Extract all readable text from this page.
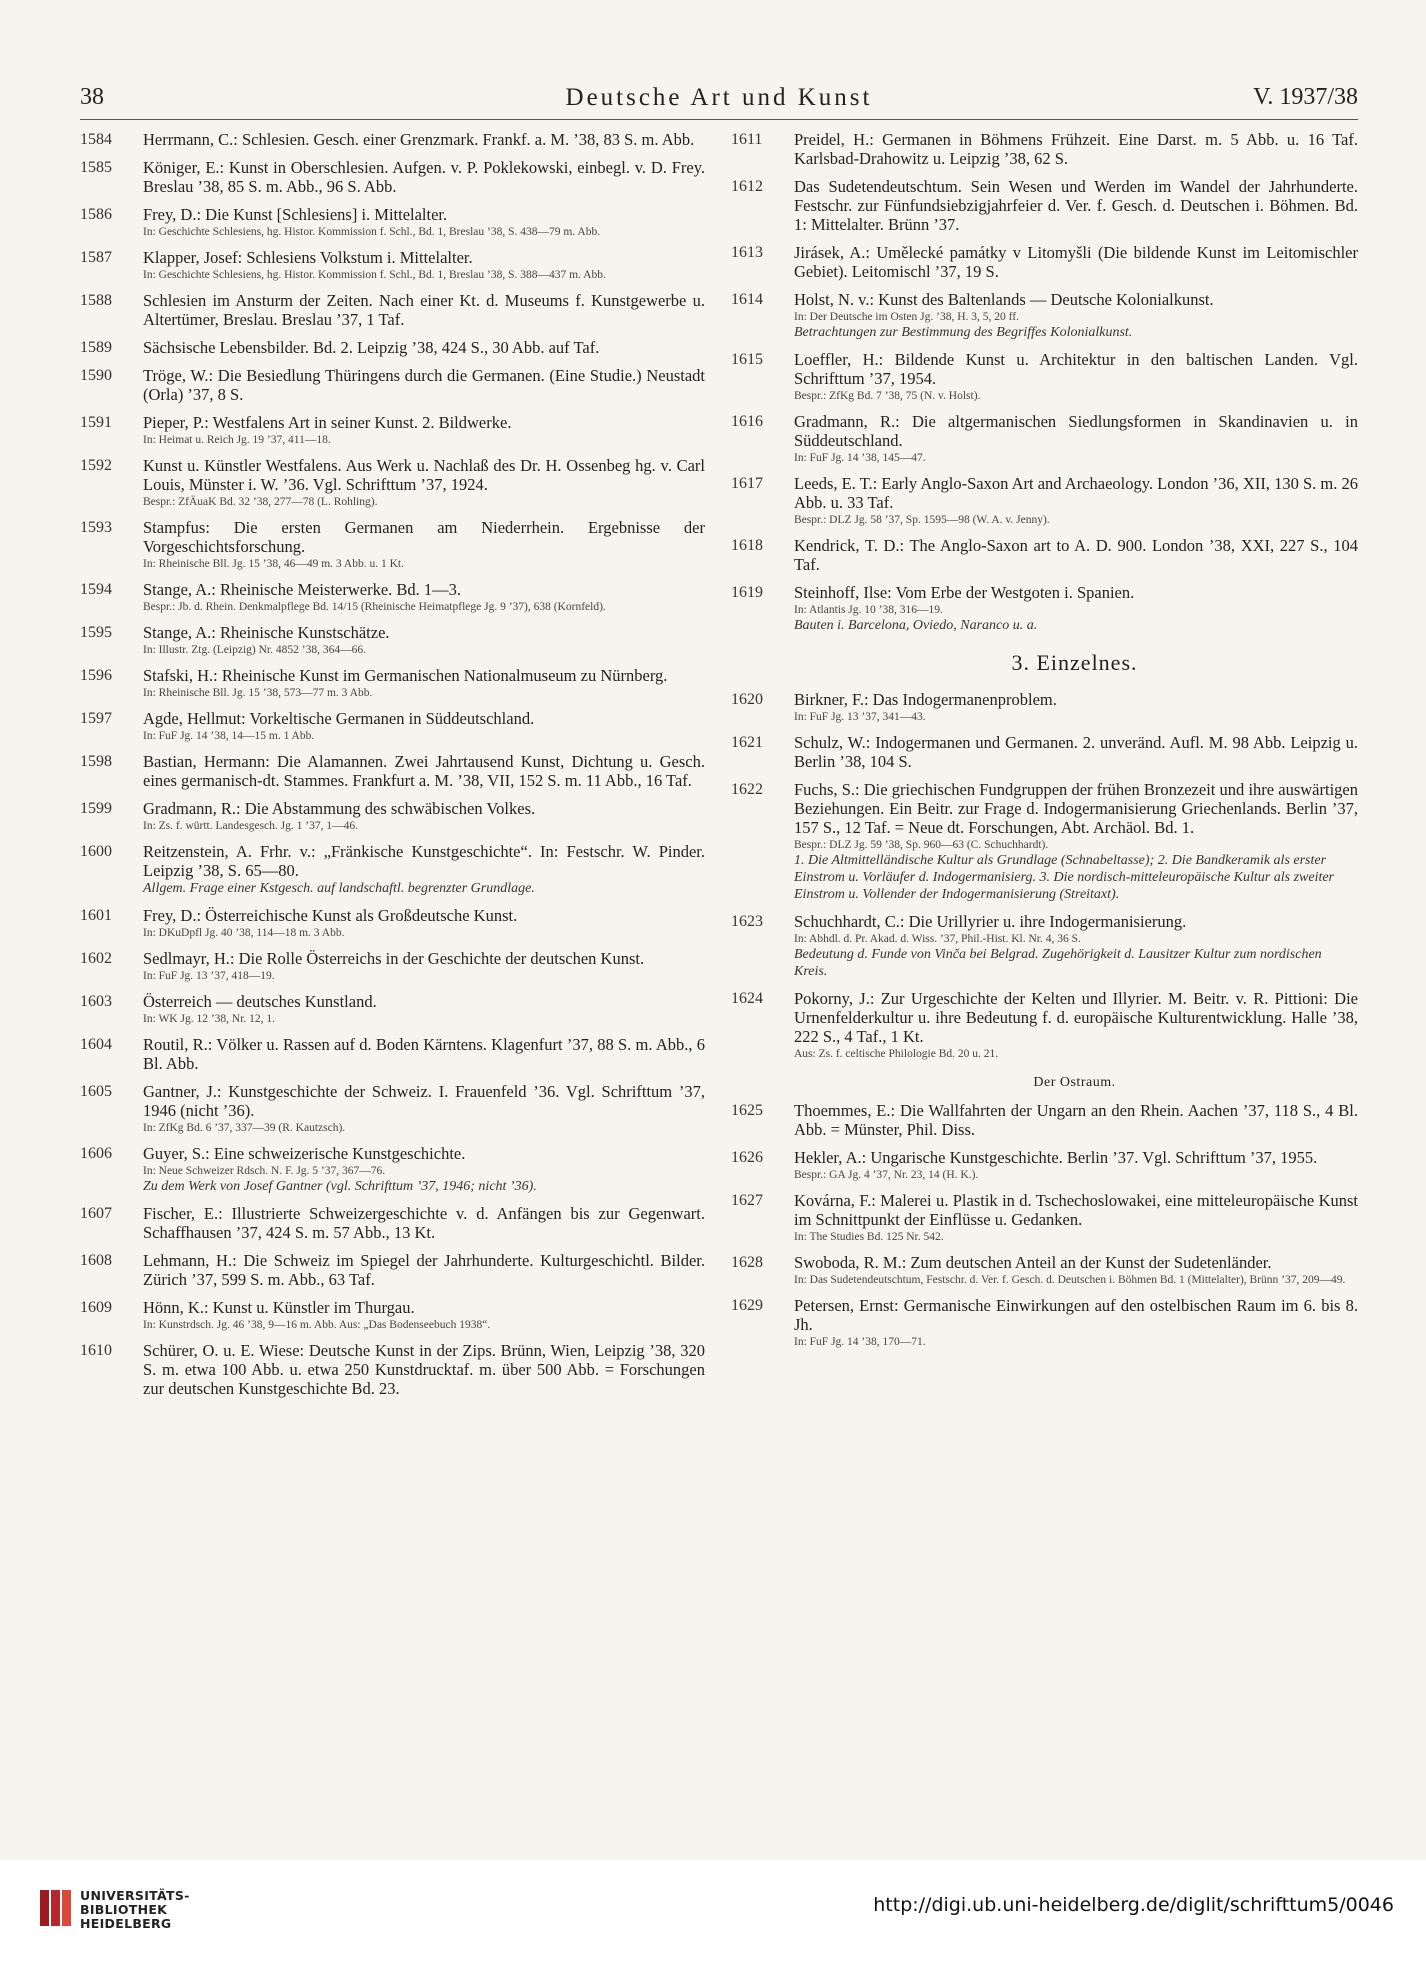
38	Deutsche Art und Kunst	V. 1937/38
1584 Herrmann, C.: Schlesien. Gesch. einer Grenzmark. Frankf. a. M. ’38, 83 S. m. Abb.
1585 Königer, E.: Kunst in Oberschlesien. Aufgen. v. P. Poklekowski, einbegl. v. D. Frey. Breslau ’38, 85 S. m. Abb., 96 S. Abb.
1586 Frey, D.: Die Kunst [Schlesiens] i. Mittelalter.
In: Geschichte Schlesiens, hg. Histor. Kommission f. Schl., Bd. 1, Breslau ’38, S. 438—79 m. Abb.
1587 Klapper, Josef: Schlesiens Volkstum i. Mittelalter.
In: Geschichte Schlesiens, hg. Histor. Kommission f. Schl., Bd. 1, Breslau ’38, S. 388—437 m. Abb.
1588 Schlesien im Ansturm der Zeiten. Nach einer Kt. d. Museums f. Kunstgewerbe u. Altertümer, Breslau. Breslau ’37, 1 Taf.
1589 Sächsische Lebensbilder. Bd. 2. Leipzig ’38, 424 S., 30 Abb. auf Taf.
1590 Tröge, W.: Die Besiedlung Thüringens durch die Germanen. (Eine Studie.) Neustadt (Orla) ’37, 8 S.
1591 Pieper, P.: Westfalens Art in seiner Kunst. 2. Bildwerke.
In: Heimat u. Reich Jg. 19 ’37, 411—18.
1592 Kunst u. Künstler Westfalens. Aus Werk u. Nachlaß des Dr. H. Ossenbeg hg. v. Carl Louis, Münster i. W. ’36. Vgl. Schrifttum ’37, 1924.
Bespr.: ZfÄuaK Bd. 32 ’38, 277—78 (L. Rohling).
1593 Stampfus: Die ersten Germanen am Niederrhein. Ergebnisse der Vorgeschichtsforschung.
In: Rheinische Bll. Jg. 15 ’38, 46—49 m. 3 Abb. u. 1 Kt.
1594 Stange, A.: Rheinische Meisterwerke. Bd. 1—3.
Bespr.: Jb. d. Rhein. Denkmalpflege Bd. 14/15 (Rheinische Heimatpflege Jg. 9 ’37), 638 (Kornfeld).
1595 Stange, A.: Rheinische Kunstschätze.
In: Illustr. Ztg. (Leipzig) Nr. 4852 ’38, 364—66.
1596 Stafski, H.: Rheinische Kunst im Germanischen Nationalmuseum zu Nürnberg.
In: Rheinische Bll. Jg. 15 ’38, 573—77 m. 3 Abb.
1597 Agde, Hellmut: Vorkeltische Germanen in Süddeutschland.
In: FuF Jg. 14 ’38, 14—15 m. 1 Abb.
1598 Bastian, Hermann: Die Alamannen. Zwei Jahrtausend Kunst, Dichtung u. Gesch. eines germanisch-dt. Stammes. Frankfurt a. M. ’38, VII, 152 S. m. 11 Abb., 16 Taf.
1599 Gradmann, R.: Die Abstammung des schwäbischen Volkes.
In: Zs. f. württ. Landesgesch. Jg. 1 ’37, 1—46.
1600 Reitzenstein, A. Frhr. v.: „Fränkische Kunstgeschichte“. In: Festschr. W. Pinder. Leipzig ’38, S. 65—80.
Allgem. Frage einer Kstgesch. auf landschaftl. begrenzter Grundlage.
1601 Frey, D.: Österreichische Kunst als Großdeutsche Kunst.
In: DKuDpfl Jg. 40 ’38, 114—18 m. 3 Abb.
1602 Sedlmayr, H.: Die Rolle Österreichs in der Geschichte der deutschen Kunst.
In: FuF Jg. 13 ’37, 418—19.
1603 Österreich — deutsches Kunstland.
In: WK Jg. 12 ’38, Nr. 12, 1.
1604 Routil, R.: Völker u. Rassen auf d. Boden Kärntens. Klagenfurt ’37, 88 S. m. Abb., 6 Bl. Abb.
1605 Gantner, J.: Kunstgeschichte der Schweiz. I. Frauenfeld ’36. Vgl. Schrifttum ’37, 1946 (nicht ’36).
In: ZfKg Bd. 6 ’37, 337—39 (R. Kautzsch).
1606 Guyer, S.: Eine schweizerische Kunstgeschichte.
In: Neue Schweizer Rdsch. N. F. Jg. 5 ’37, 367—76.
Zu dem Werk von Josef Gantner (vgl. Schrifttum ’37, 1946; nicht ’36).
1607 Fischer, E.: Illustrierte Schweizergeschichte v. d. Anfängen bis zur Gegenwart. Schaffhausen ’37, 424 S. m. 57 Abb., 13 Kt.
1608 Lehmann, H.: Die Schweiz im Spiegel der Jahrhunderte. Kulturgeschichtl. Bilder. Zürich ’37, 599 S. m. Abb., 63 Taf.
1609 Hönn, K.: Kunst u. Künstler im Thurgau.
In: Kunstrdsch. Jg. 46 ’38, 9—16 m. Abb. Aus: „Das Bodenseebuch 1938“.
1610 Schürer, O. u. E. Wiese: Deutsche Kunst in der Zips. Brünn, Wien, Leipzig ’38, 320 S. m. etwa 100 Abb. u. etwa 250 Kunstdrucktaf. m. über 500 Abb. = Forschungen zur deutschen Kunstgeschichte Bd. 23.
1611 Preidel, H.: Germanen in Böhmens Frühzeit. Eine Darst. m. 5 Abb. u. 16 Taf. Karlsbad-Drahowitz u. Leipzig ’38, 62 S.
1612 Das Sudetendeutschtum. Sein Wesen und Werden im Wandel der Jahrhunderte. Festschr. zur Fünfundsiebzigjahrfeier d. Ver. f. Gesch. d. Deutschen i. Böhmen. Bd. 1: Mittelalter. Brünn ’37.
1613 Jirásek, A.: Umělecké památky v Litomyšli (Die bildende Kunst im Leitomischler Gebiet). Leitomischl ’37, 19 S.
1614 Holst, N. v.: Kunst des Baltenlands — Deutsche Kolonialkunst.
In: Der Deutsche im Osten Jg. ’38, H. 3, 5, 20 ff.
Betrachtungen zur Bestimmung des Begriffes Kolonialkunst.
1615 Loeffler, H.: Bildende Kunst u. Architektur in den baltischen Landen. Vgl. Schrifttum ’37, 1954.
Bespr.: ZfKg Bd. 7 ’38, 75 (N. v. Holst).
1616 Gradmann, R.: Die altgermanischen Siedlungsformen in Skandinavien u. in Süddeutschland.
In: FuF Jg. 14 ’38, 145—47.
1617 Leeds, E. T.: Early Anglo-Saxon Art and Archaeology. London ’36, XII, 130 S. m. 26 Abb. u. 33 Taf.
Bespr.: DLZ Jg. 58 ’37, Sp. 1595—98 (W. A. v. Jenny).
1618 Kendrick, T. D.: The Anglo-Saxon art to A. D. 900. London ’38, XXI, 227 S., 104 Taf.
1619 Steinhoff, Ilse: Vom Erbe der Westgoten i. Spanien.
In: Atlantis Jg. 10 ’38, 316—19.
Bauten i. Barcelona, Oviedo, Naranco u. a.
3. Einzelnes.
1620 Birkner, F.: Das Indogermanenproblem.
In: FuF Jg. 13 ’37, 341—43.
1621 Schulz, W.: Indogermanen und Germanen. 2. unveränd. Aufl. M. 98 Abb. Leipzig u. Berlin ’38, 104 S.
1622 Fuchs, S.: Die griechischen Fundgruppen der frühen Bronzezeit und ihre auswärtigen Beziehungen. Ein Beitr. zur Frage d. Indogermanisierung Griechenlands. Berlin ’37, 157 S., 12 Taf. = Neue dt. Forschungen, Abt. Archäol. Bd. 1.
Bespr.: DLZ Jg. 59 ’38, Sp. 960—63 (C. Schuchhardt).
1. Die Altmittelländische Kultur als Grundlage (Schnabeltasse); 2. Die Bandkeramik als erster Einstrom u. Vorläufer d. Indogermanisierg. 3. Die nordisch-mitteleuropäische Kultur als zweiter Einstrom u. Vollender der Indogermanisierung (Streitaxt).
1623 Schuchhardt, C.: Die Urillyrier u. ihre Indogermanisierung.
In: Abhdl. d. Pr. Akad. d. Wiss. ’37, Phil.-Hist. Kl. Nr. 4, 36 S.
Bedeutung d. Funde von Vinča bei Belgrad. Zugehörigkeit d. Lausitzer Kultur zum nordischen Kreis.
1624 Pokorny, J.: Zur Urgeschichte der Kelten und Illyrier. M. Beitr. v. R. Pittioni: Die Urnenfelderkultur u. ihre Bedeutung f. d. europäische Kulturentwicklung. Halle ’38, 222 S., 4 Taf., 1 Kt.
Aus: Zs. f. celtische Philologie Bd. 20 u. 21.
Der Ostraum.
1625 Thoemmes, E.: Die Wallfahrten der Ungarn an den Rhein. Aachen ’37, 118 S., 4 Bl. Abb. = Münster, Phil. Diss.
1626 Hekler, A.: Ungarische Kunstgeschichte. Berlin ’37. Vgl. Schrifttum ’37, 1955.
Bespr.: GA Jg. 4 ’37, Nr. 23, 14 (H. K.).
1627 Kovárna, F.: Malerei u. Plastik in d. Tschechoslowakei, eine mitteleuropäische Kunst im Schnittpunkt der Einflüsse u. Gedanken.
In: The Studies Bd. 125 Nr. 542.
1628 Swoboda, R. M.: Zum deutschen Anteil an der Kunst der Sudetenländer.
In: Das Sudetendeutschtum, Festschr. d. Ver. f. Gesch. d. Deutschen i. Böhmen Bd. 1 (Mittelalter), Brünn ’37, 209—49.
1629 Petersen, Ernst: Germanische Einwirkungen auf den ostelbischen Raum im 6. bis 8. Jh.
In: FuF Jg. 14 ’38, 170—71.
UNIVERSITÄTS-
BIBLIOTHEK
HEIDELBERG
http://digi.ub.uni-heidelberg.de/diglit/schrifttum5/0046
